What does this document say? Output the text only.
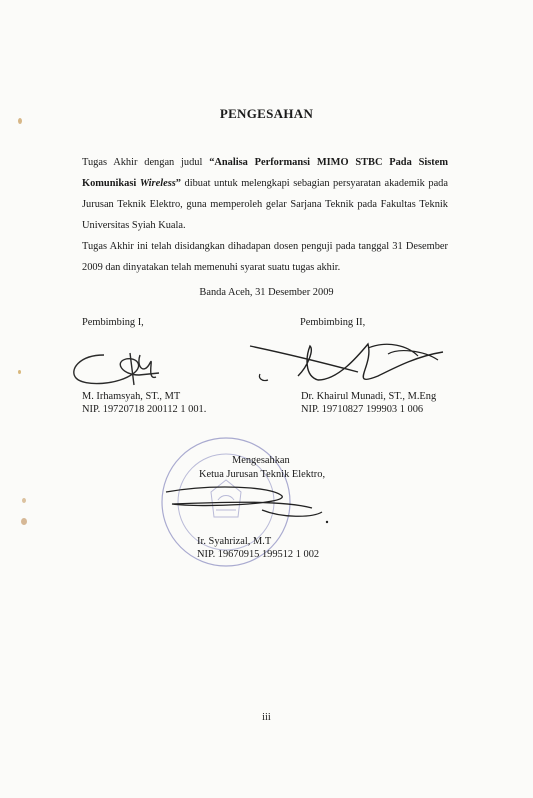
PENGESAHAN
Tugas Akhir dengan judul “Analisa Performansi MIMO STBC Pada Sistem Komunikasi Wireless” dibuat untuk melengkapi sebagian persyaratan akademik pada Jurusan Teknik Elektro, guna memperoleh gelar Sarjana Teknik pada Fakultas Teknik Universitas Syiah Kuala.
Tugas Akhir ini telah disidangkan dihadapan dosen penguji pada tanggal 31 Desember 2009 dan dinyatakan telah memenuhi syarat suatu tugas akhir.
Banda Aceh, 31 Desember 2009
Pembimbing I,	Pembimbing II,
M. Irhamsyah, ST., MT
NIP. 19720718 200112 1 001.
Dr. Khairul Munadi, ST., M.Eng
NIP. 19710827 199903 1 006
Mengesahkan
Ketua Jurusan Teknik Elektro,
Ir. Syahrizal, M.T
NIP. 19670915 199512 1 002
iii
